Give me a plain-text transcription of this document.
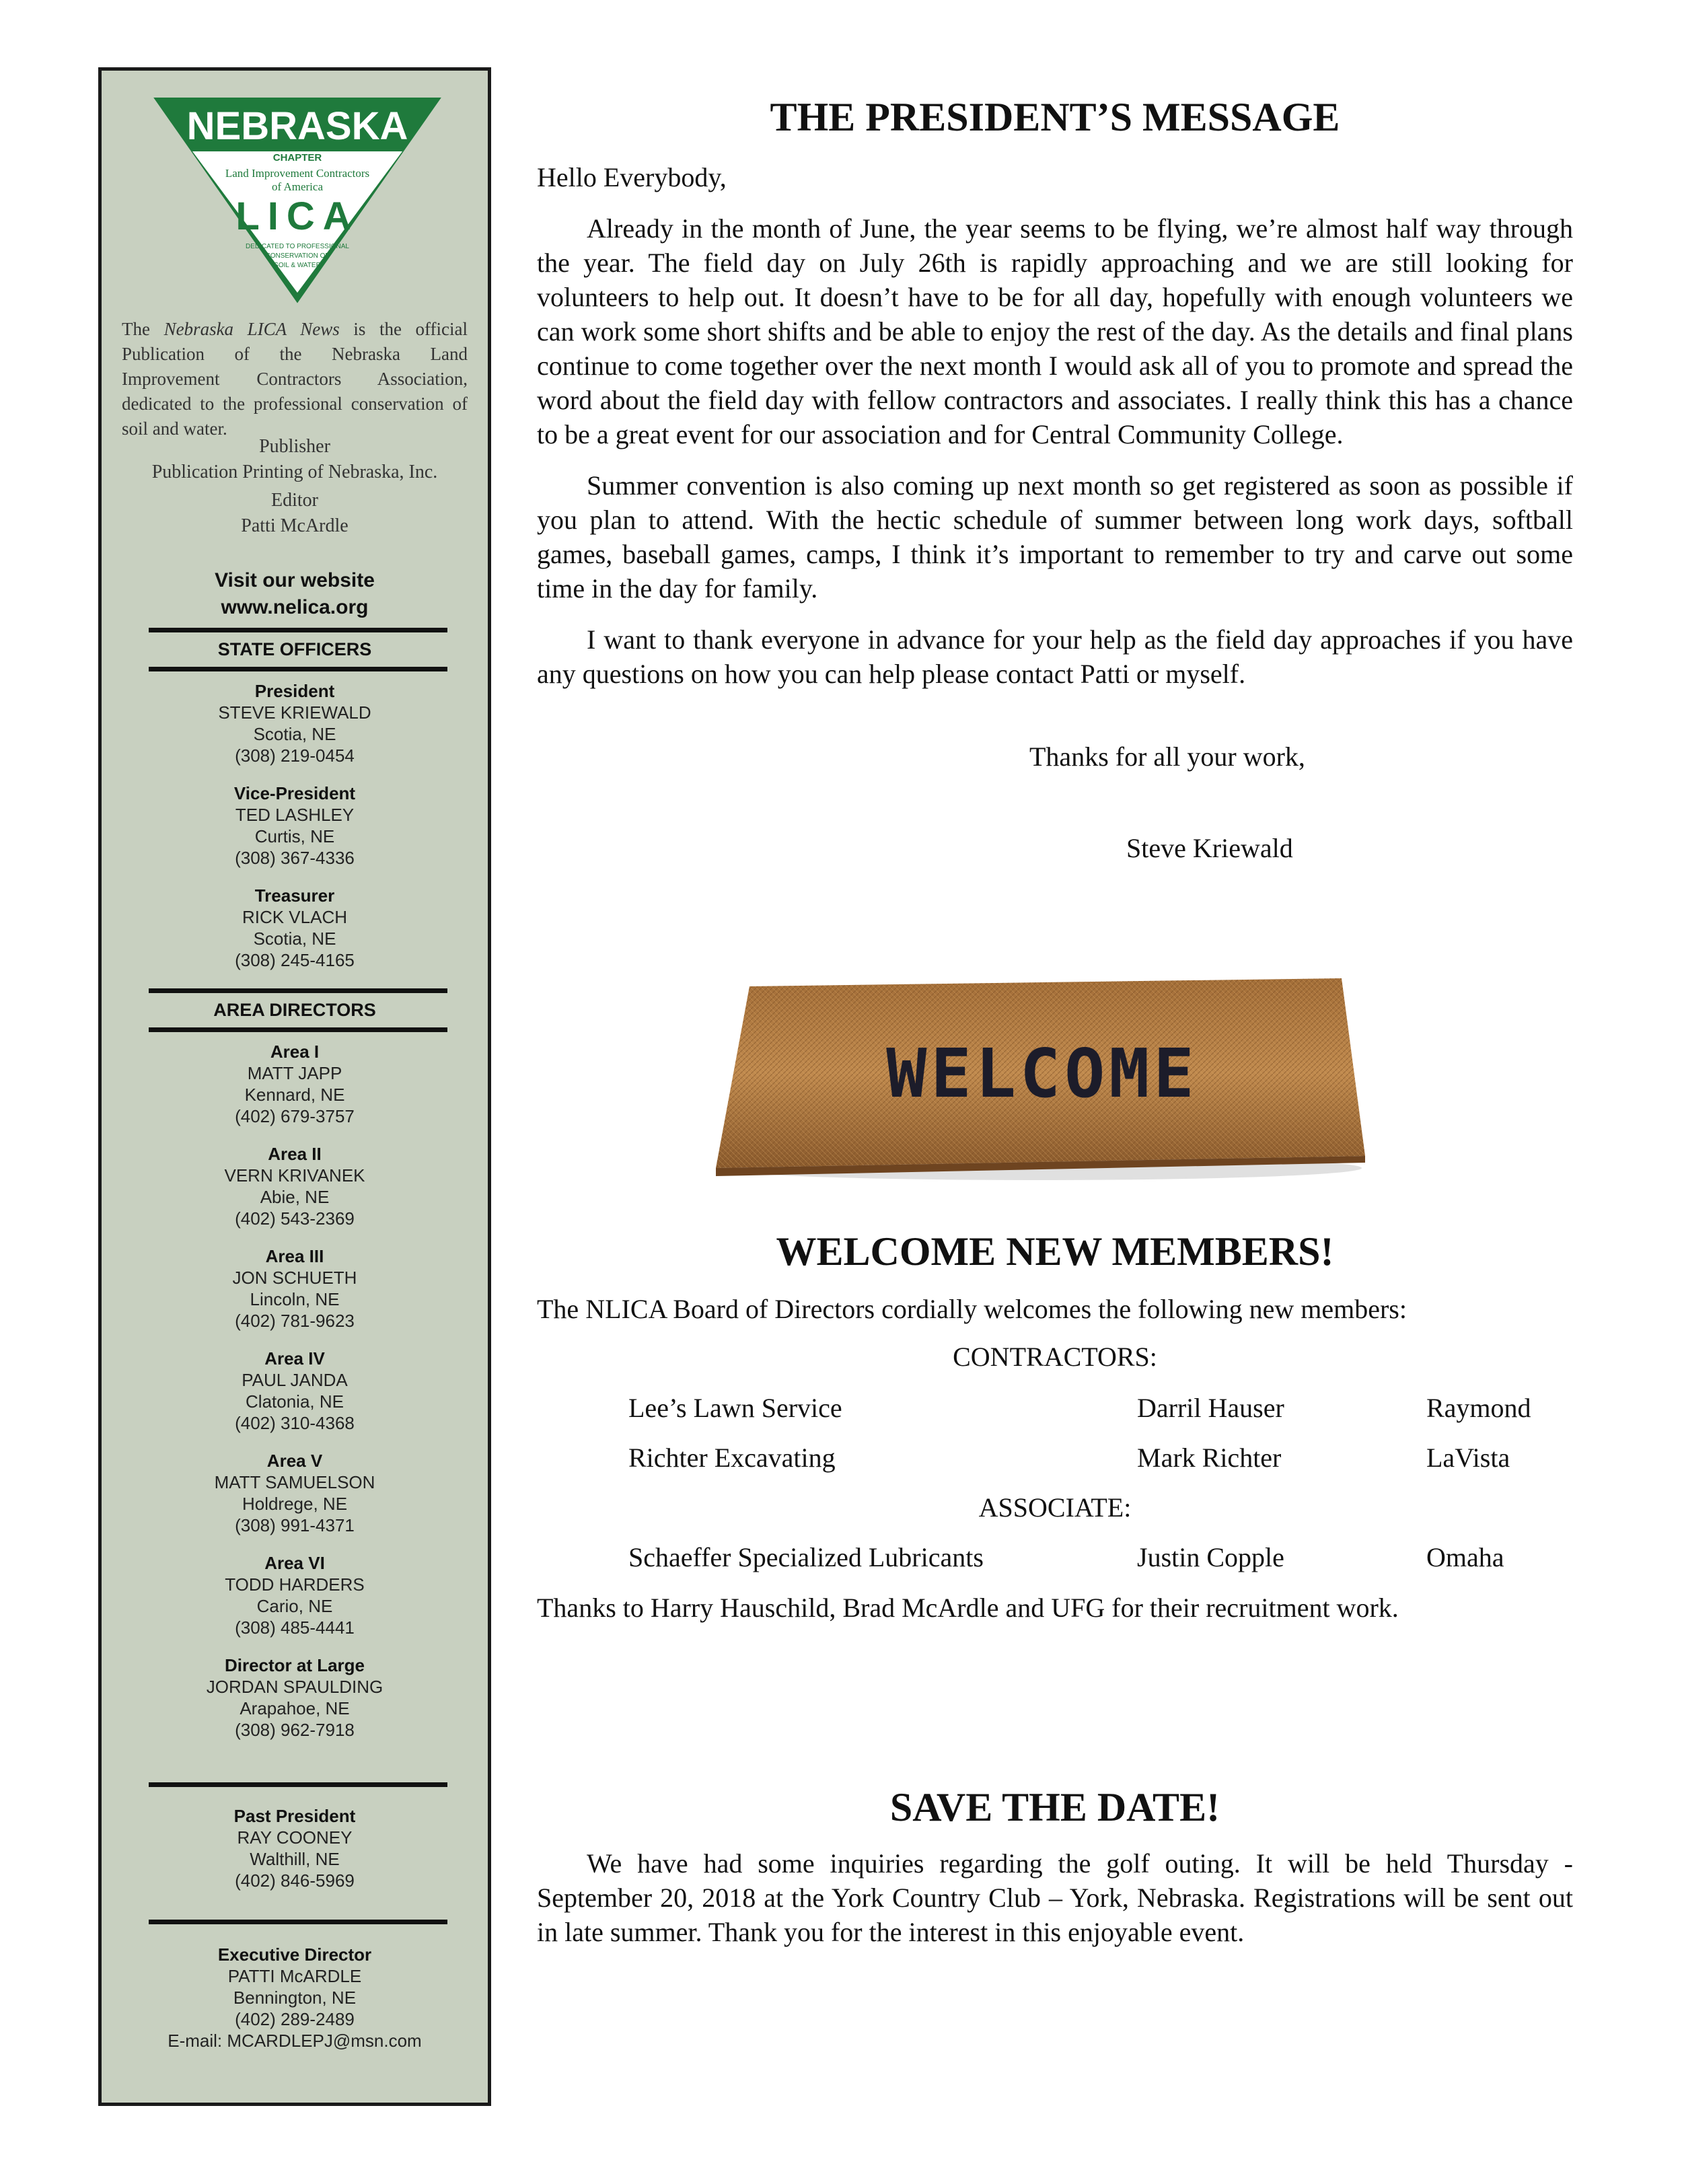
NEBRASKA
CHAPTER
Land Improvement Contractors
of America
LICA
DEDICATED TO PROFESSIONAL
CONSERVATION OF
SOIL & WATER
The Nebraska LICA News is the official Publication of the Nebraska Land Improvement Contractors Association, dedicated to the professional conservation of soil and water.
Publisher
Publication Printing of Nebraska, Inc.
Editor
Patti McArdle
Visit our website
www.nelica.org
STATE OFFICERS
President
STEVE KRIEWALD
Scotia, NE
(308) 219-0454
Vice-President
TED LASHLEY
Curtis, NE
(308) 367-4336
Treasurer
RICK VLACH
Scotia, NE
(308) 245-4165
AREA DIRECTORS
Area I
MATT JAPP
Kennard, NE
(402) 679-3757
Area II
VERN KRIVANEK
Abie, NE
(402) 543-2369
Area III
JON SCHUETH
Lincoln, NE
(402) 781-9623
Area IV
PAUL JANDA
Clatonia, NE
(402) 310-4368
Area V
MATT SAMUELSON
Holdrege, NE
(308) 991-4371
Area VI
TODD HARDERS
Cario, NE
(308) 485-4441
Director at Large
JORDAN SPAULDING
Arapahoe, NE
(308) 962-7918
Past President
RAY COONEY
Walthill, NE
(402) 846-5969
Executive Director
PATTI McARDLE
Bennington, NE
(402) 289-2489
E-mail: MCARDLEPJ@msn.com
THE PRESIDENT’S MESSAGE

Hello Everybody,

Already in the month of June, the year seems to be flying, we’re almost half way through the year. The field day on July 26th is rapidly approaching and we are still looking for volunteers to help out. It doesn’t have to be for all day, hopefully with enough volunteers we can work some short shifts and be able to enjoy the rest of the day. As the details and final plans continue to come together over the next month I would ask all of you to promote and spread the word about the field day with fellow contractors and associates. I really think this has a chance to be a great event for our association and for Central Community College.

Summer convention is also coming up next month so get registered as soon as possible if you plan to attend. With the hectic schedule of summer between long work days, softball games, baseball games, camps, I think it’s important to remember to try and carve out some time in the day for family.

I want to thank everyone in advance for your help as the field day approaches if you have any questions on how you can help please contact Patti or myself.

Thanks for all your work,
Steve Kriewald
WELCOME
WELCOME NEW MEMBERS!
The NLICA Board of Directors cordially welcomes the following new members:
CONTRACTORS:
Lee’s Lawn Service	Darril Hauser	Raymond
Richter Excavating	Mark Richter	LaVista
ASSOCIATE:
Schaeffer Specialized Lubricants	Justin Copple	Omaha
Thanks to Harry Hauschild, Brad McArdle and UFG for their recruitment work.
SAVE THE DATE!

We have had some inquiries regarding the golf outing. It will be held Thursday - September 20, 2018 at the York Country Club – York, Nebraska. Registrations will be sent out in late summer. Thank you for the interest in this enjoyable event.
